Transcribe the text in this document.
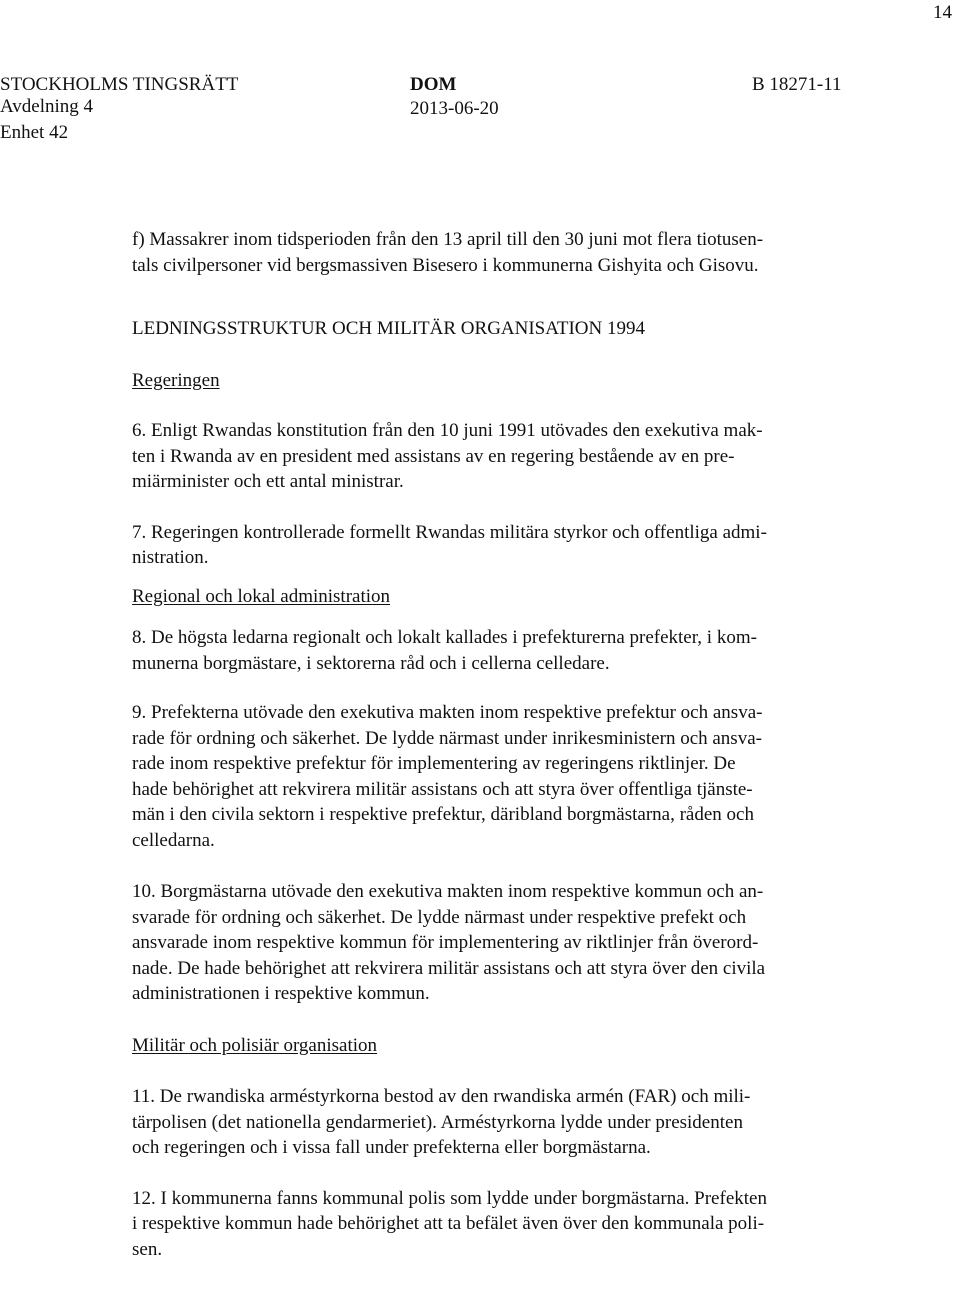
14
STOCKHOLMS TINGSRÄTT
Avdelning 4
Enhet 42
DOM
2013-06-20
B 18271-11

f) Massakrer inom tidsperioden från den 13 april till den 30 juni mot flera tiotusen-
tals civilpersoner vid bergsmassiven Bisesero i kommunerna Gishyita och Gisovu.

LEDNINGSSTRUKTUR OCH MILITÄR ORGANISATION 1994

Regeringen

6. Enligt Rwandas konstitution från den 10 juni 1991 utövades den exekutiva mak-
ten i Rwanda av en president med assistans av en regering bestående av en pre-
miärminister och ett antal ministrar.

7. Regeringen kontrollerade formellt Rwandas militära styrkor och offentliga admi-
nistration.

Regional och lokal administration

8. De högsta ledarna regionalt och lokalt kallades i prefekturerna prefekter, i kom-
munerna borgmästare, i sektorerna råd och i cellerna celledare.

9. Prefekterna utövade den exekutiva makten inom respektive prefektur och ansva-
rade för ordning och säkerhet. De lydde närmast under inrikesministern och ansva-
rade inom respektive prefektur för implementering av regeringens riktlinjer. De
hade behörighet att rekvirera militär assistans och att styra över offentliga tjänste-
män i den civila sektorn i respektive prefektur, däribland borgmästarna, råden och
celledarna.

10. Borgmästarna utövade den exekutiva makten inom respektive kommun och an-
svarade för ordning och säkerhet. De lydde närmast under respektive prefekt och
ansvarade inom respektive kommun för implementering av riktlinjer från överord-
nade. De hade behörighet att rekvirera militär assistans och att styra över den civila
administrationen i respektive kommun.

Militär och polisiär organisation

11. De rwandiska arméstyrkorna bestod av den rwandiska armén (FAR) och mili-
tärpolisen (det nationella gendarmeriet). Arméstyrkorna lydde under presidenten
och regeringen och i vissa fall under prefekterna eller borgmästarna.

12. I kommunerna fanns kommunal polis som lydde under borgmästarna. Prefekten
i respektive kommun hade behörighet att ta befälet även över den kommunala poli-
sen.
